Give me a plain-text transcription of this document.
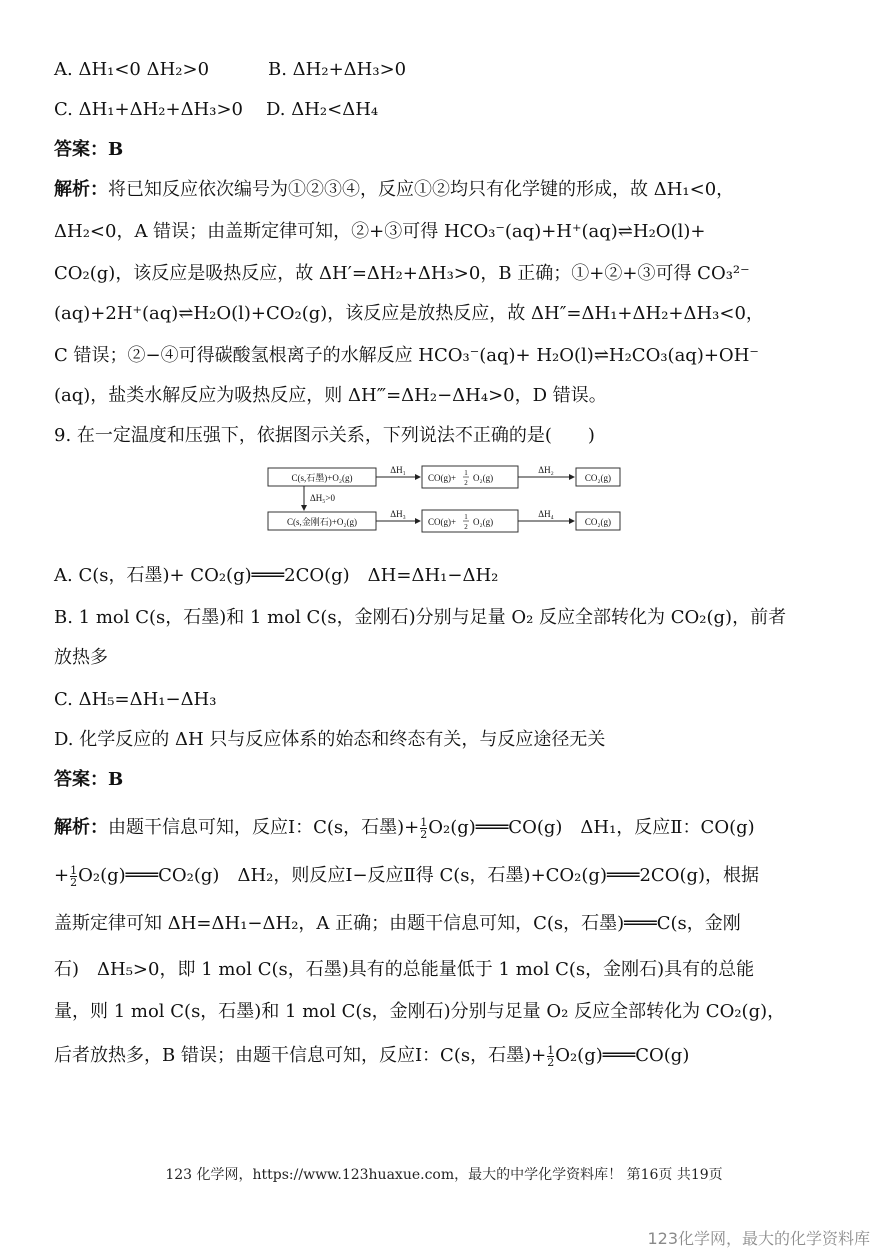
A. ΔH₁<0 ΔH₂>0	B. ΔH₂+ΔH₃>0
C. ΔH₁+ΔH₂+ΔH₃>0 D. ΔH₂<ΔH₄
答案：B
解析：将已知反应依次编号为①②③④，反应①②均只有化学键的形成，故 ΔH₁<0，
ΔH₂<0，A 错误；由盖斯定律可知，②+③可得 HCO₃⁻(aq)+H⁺(aq)⇌H₂O(l)+
CO₂(g)，该反应是吸热反应，故 ΔH′=ΔH₂+ΔH₃>0，B 正确；①+②+③可得 CO₃²⁻
(aq)+2H⁺(aq)⇌H₂O(l)+CO₂(g)，该反应是放热反应，故 ΔH″=ΔH₁+ΔH₂+ΔH₃<0，
C 错误；②−④可得碳酸氢根离子的水解反应 HCO₃⁻(aq)+ H₂O(l)⇌H₂CO₃(aq)+OH⁻
(aq)，盐类水解反应为吸热反应，则 ΔH‴=ΔH₂−ΔH₄>0，D 错误。
9. 在一定温度和压强下，依据图示关系，下列说法不正确的是(　　)
C(s,石墨)+O₂(g)	CO(g)+ 1
2 O₂(g)	CO₂(g)
ΔH₁	ΔH₂
ΔH₅>0
C(s,金刚石)+O₂(g)	CO(g)+ 1
2 O₂(g)	CO₂(g)
ΔH₃	ΔH₄
A. C(s，石墨)+ CO₂(g)═══2CO(g)　ΔH=ΔH₁−ΔH₂
B. 1 mol C(s，石墨)和 1 mol C(s，金刚石)分别与足量 O₂ 反应全部转化为 CO₂(g)，前者
放热多
C. ΔH₅=ΔH₁−ΔH₃
D. 化学反应的 ΔH 只与反应体系的始态和终态有关，与反应途径无关
答案：B
解析：由题干信息可知，反应Ⅰ：C(s，石墨)+ $\frac{1}{2}$ O₂(g)═══CO(g)　ΔH₁，反应Ⅱ：CO(g)
+ $\frac{1}{2}$ O₂(g)═══CO₂(g)　ΔH₂，则反应Ⅰ−反应Ⅱ得 C(s，石墨)+CO₂(g)═══2CO(g)，根据
盖斯定律可知 ΔH=ΔH₁−ΔH₂，A 正确；由题干信息可知，C(s，石墨)═══C(s，金刚
石)　ΔH₅>0，即 1 mol C(s，石墨)具有的总能量低于 1 mol C(s，金刚石)具有的总能
量，则 1 mol C(s，石墨)和 1 mol C(s，金刚石)分别与足量 O₂ 反应全部转化为 CO₂(g)，
后者放热多，B 错误；由题干信息可知，反应Ⅰ：C(s，石墨)+ $\frac{1}{2}$ O₂(g)═══CO(g)
123 化学网，https://www.123huaxue.com，最大的中学化学资料库！ 第16页 共19页
123化学网，最大的化学资料库
